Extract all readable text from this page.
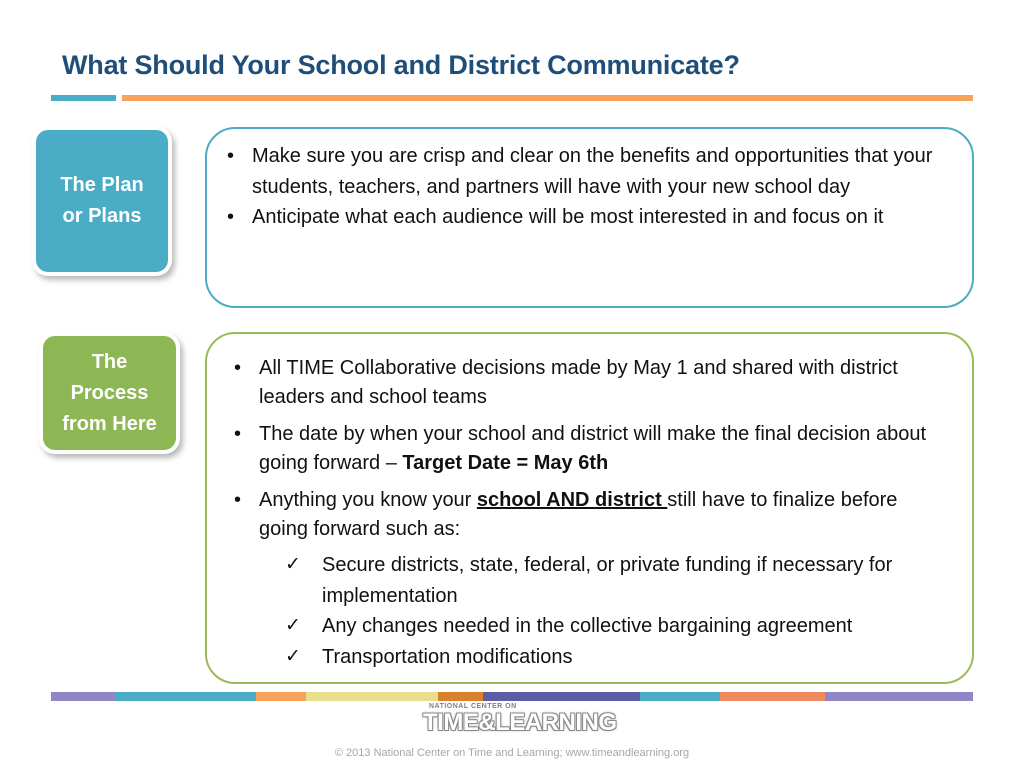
What Should Your School and District Communicate?
The Plan
or Plans
• Make sure you are crisp and clear on the benefits and opportunities that your students, teachers, and partners will have with your new school day
• Anticipate what each audience will be most interested in and focus on it
The
Process
from Here
• All TIME Collaborative decisions made by May 1 and shared with district leaders and school teams
• The date by when your school and district will make the final decision about going forward – Target Date = May 6th
• Anything you know your school AND district still have to finalize before going forward such as:
✓ Secure districts, state, federal, or private funding if necessary for implementation
✓ Any changes needed in the collective bargaining agreement
✓ Transportation modifications
NATIONAL CENTER ON
TIME&LEARNING
© 2013 National Center on Time and Learning; www.timeandlearning.org
